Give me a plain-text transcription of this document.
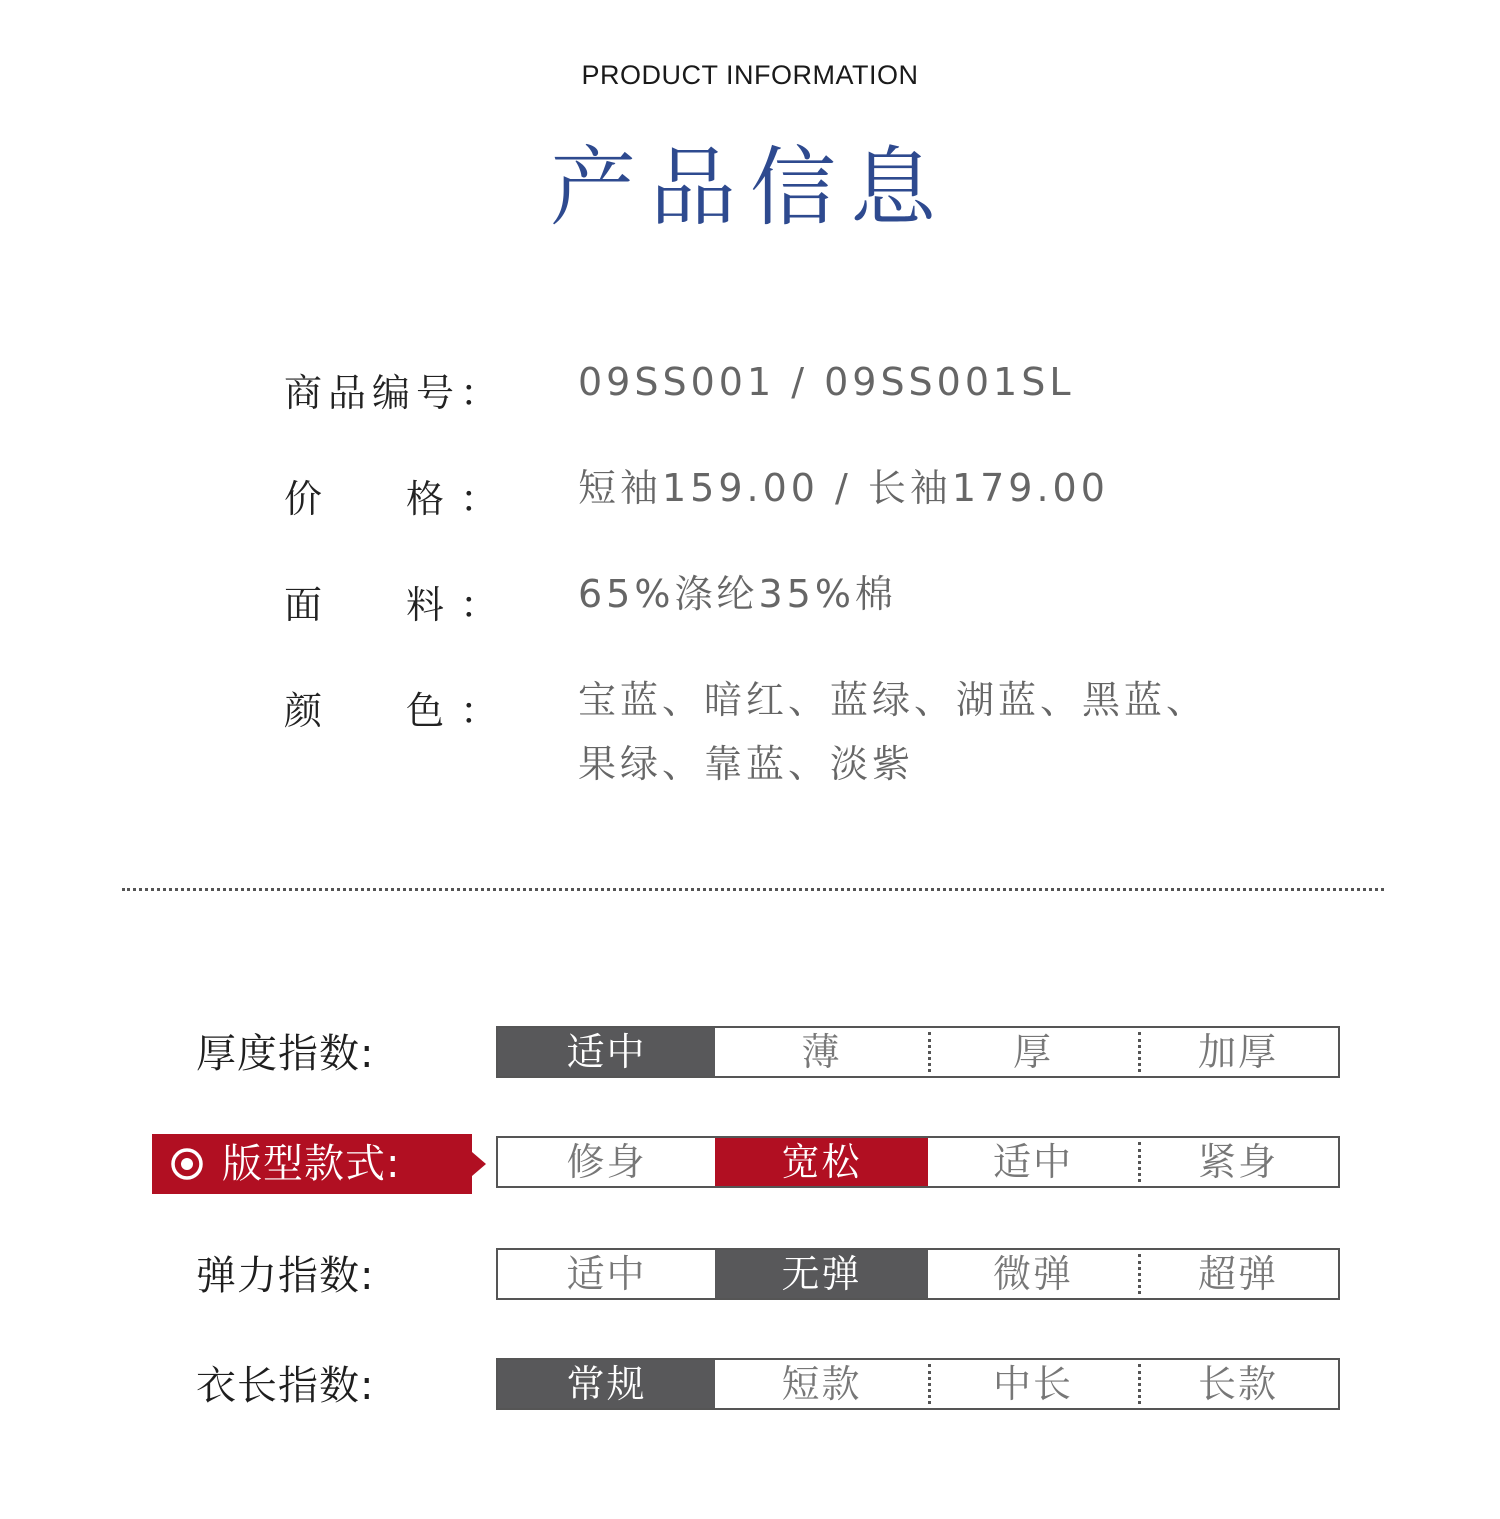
PRODUCT INFORMATION
产品信息
商品编号 ： 09SS001 / 09SS001SL
价 格 ： 短袖159.00 / 长袖179.00
面 料 ： 65%涤纶35%棉
颜 色 ： 宝蓝、暗红、蓝绿、湖蓝、黑蓝、果绿、靠蓝、淡紫
厚度指数:	适中	薄	厚	加厚
版型款式:	修身	宽松	适中	紧身
弹力指数:	适中	无弹	微弹	超弹
衣长指数:	常规	短款	中长	长款
